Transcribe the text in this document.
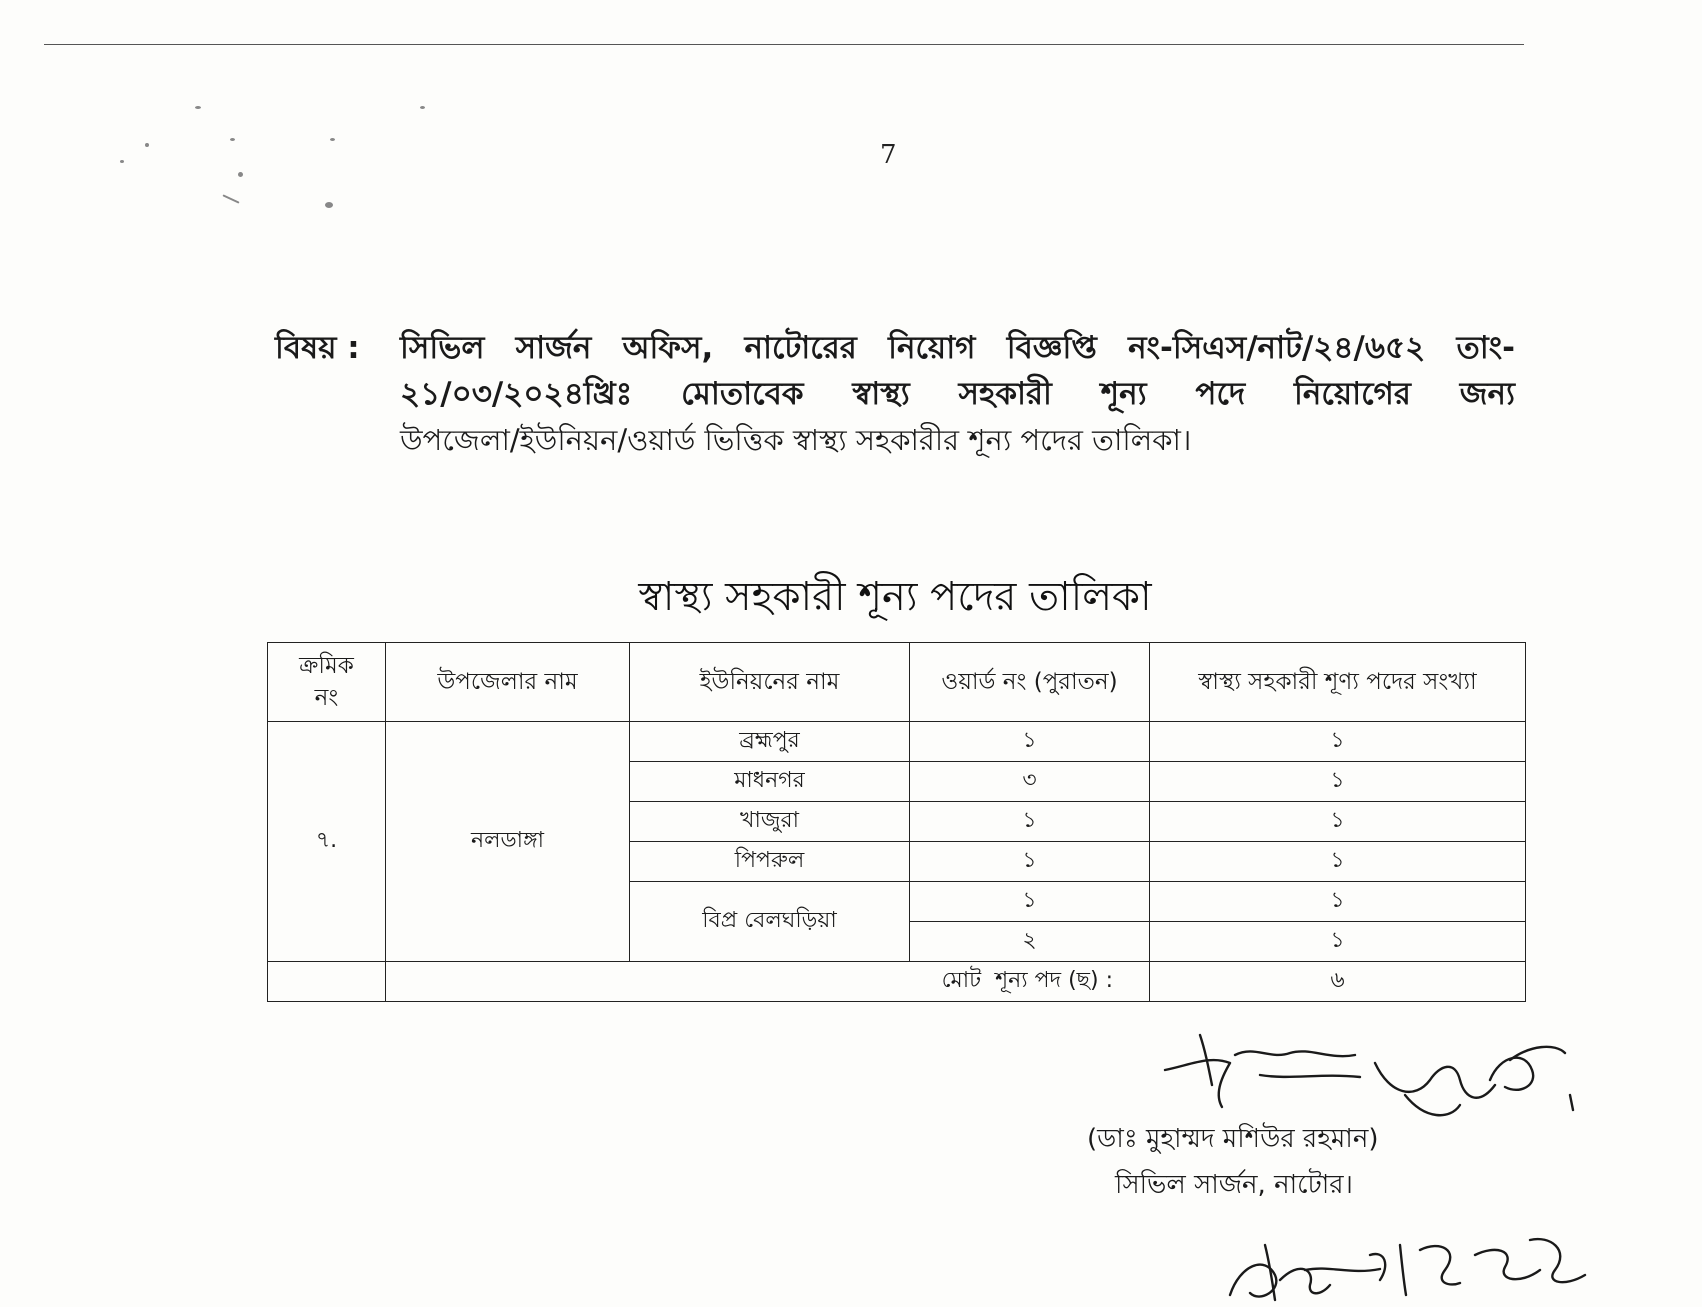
7
বিষয় : সিভিল সার্জন অফিস, নাটোরের নিয়োগ বিজ্ঞপ্তি নং-সিএস/নাট/২৪/৬৫২ তাং-
২১/০৩/২০২৪খ্রিঃ মোতাবেক স্বাস্থ্য সহকারী শূন্য পদে নিয়োগের জন্য
উপজেলা/ইউনিয়ন/ওয়ার্ড ভিত্তিক স্বাস্থ্য সহকারীর শূন্য পদের তালিকা।
স্বাস্থ্য সহকারী শূন্য পদের তালিকা
ক্রমিক
নং	উপজেলার নাম	ইউনিয়নের নাম	ওয়ার্ড নং (পুরাতন)	স্বাস্থ্য সহকারী শূণ্য পদের সংখ্যা
৭.	নলডাঙ্গা	ব্রহ্মপুর	১	১
		মাধনগর	৩	১
		খাজুরা	১	১
		পিপরুল	১	১
		বিপ্র বেলঘড়িয়া	১	১
			২	১
	মোট  শূন্য পদ (ছ) :			৬
(ডাঃ মুহাম্মদ মশিউর রহমান)
সিভিল সার্জন, নাটোর।
